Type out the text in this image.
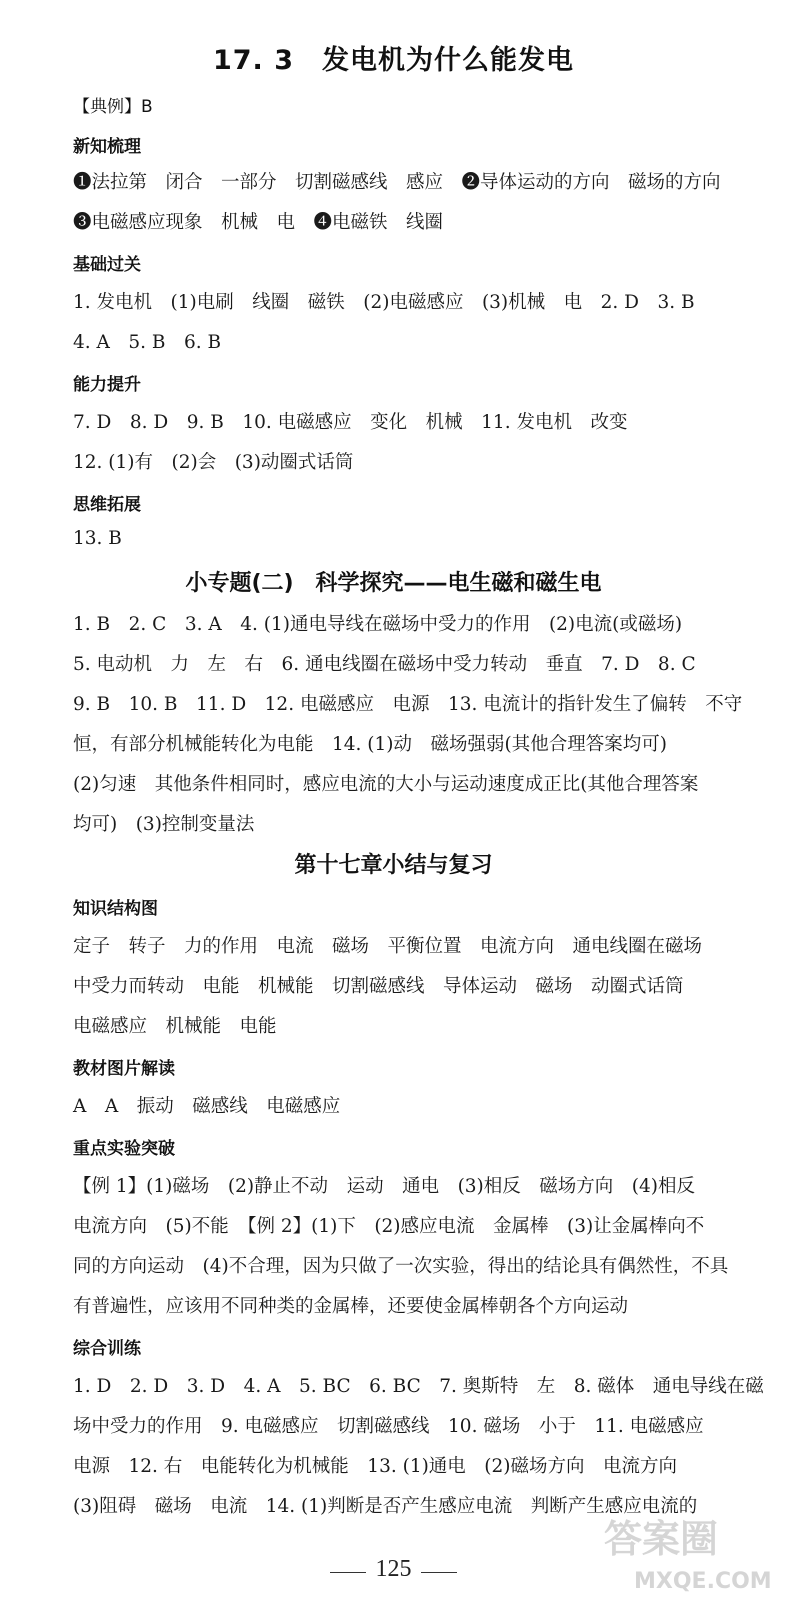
17. 3　发电机为什么能发电
【典例】B
新知梳理
❶法拉第　闭合　一部分　切割磁感线　感应　❷导体运动的方向　磁场的方向
❸电磁感应现象　机械　电　❹电磁铁　线圈
基础过关
1. 发电机　(1)电刷　线圈　磁铁　(2)电磁感应　(3)机械　电　2. D　3. B
4. A　5. B　6. B
能力提升
7. D　8. D　9. B　10. 电磁感应　变化　机械　11. 发电机　改变
12. (1)有　(2)会　(3)动圈式话筒
思维拓展
13. B
小专题(二)　科学探究——电生磁和磁生电
1. B　2. C　3. A　4. (1)通电导线在磁场中受力的作用　(2)电流(或磁场)
5. 电动机　力　左　右　6. 通电线圈在磁场中受力转动　垂直　7. D　8. C
9. B　10. B　11. D　12. 电磁感应　电源　13. 电流计的指针发生了偏转　不守
恒，有部分机械能转化为电能　14. (1)动　磁场强弱(其他合理答案均可)
(2)匀速　其他条件相同时，感应电流的大小与运动速度成正比(其他合理答案
均可)　(3)控制变量法
第十七章小结与复习
知识结构图
定子　转子　力的作用　电流　磁场　平衡位置　电流方向　通电线圈在磁场
中受力而转动　电能　机械能　切割磁感线　导体运动　磁场　动圈式话筒
电磁感应　机械能　电能
教材图片解读
A　A　振动　磁感线　电磁感应
重点实验突破
【例 1】(1)磁场　(2)静止不动　运动　通电　(3)相反　磁场方向　(4)相反
电流方向　(5)不能　【例 2】(1)下　(2)感应电流　金属棒　(3)让金属棒向不
同的方向运动　(4)不合理，因为只做了一次实验，得出的结论具有偶然性，不具
有普遍性，应该用不同种类的金属棒，还要使金属棒朝各个方向运动
综合训练
1. D　2. D　3. D　4. A　5. BC　6. BC　7. 奥斯特　左　8. 磁体　通电导线在磁
场中受力的作用　9. 电磁感应　切割磁感线　10. 磁场　小于　11. 电磁感应
电源　12. 右　电能转化为机械能　13. (1)通电　(2)磁场方向　电流方向
(3)阻碍　磁场　电流　14. (1)判断是否产生感应电流　判断产生感应电流的
125
答案圈
MXQE.COM
